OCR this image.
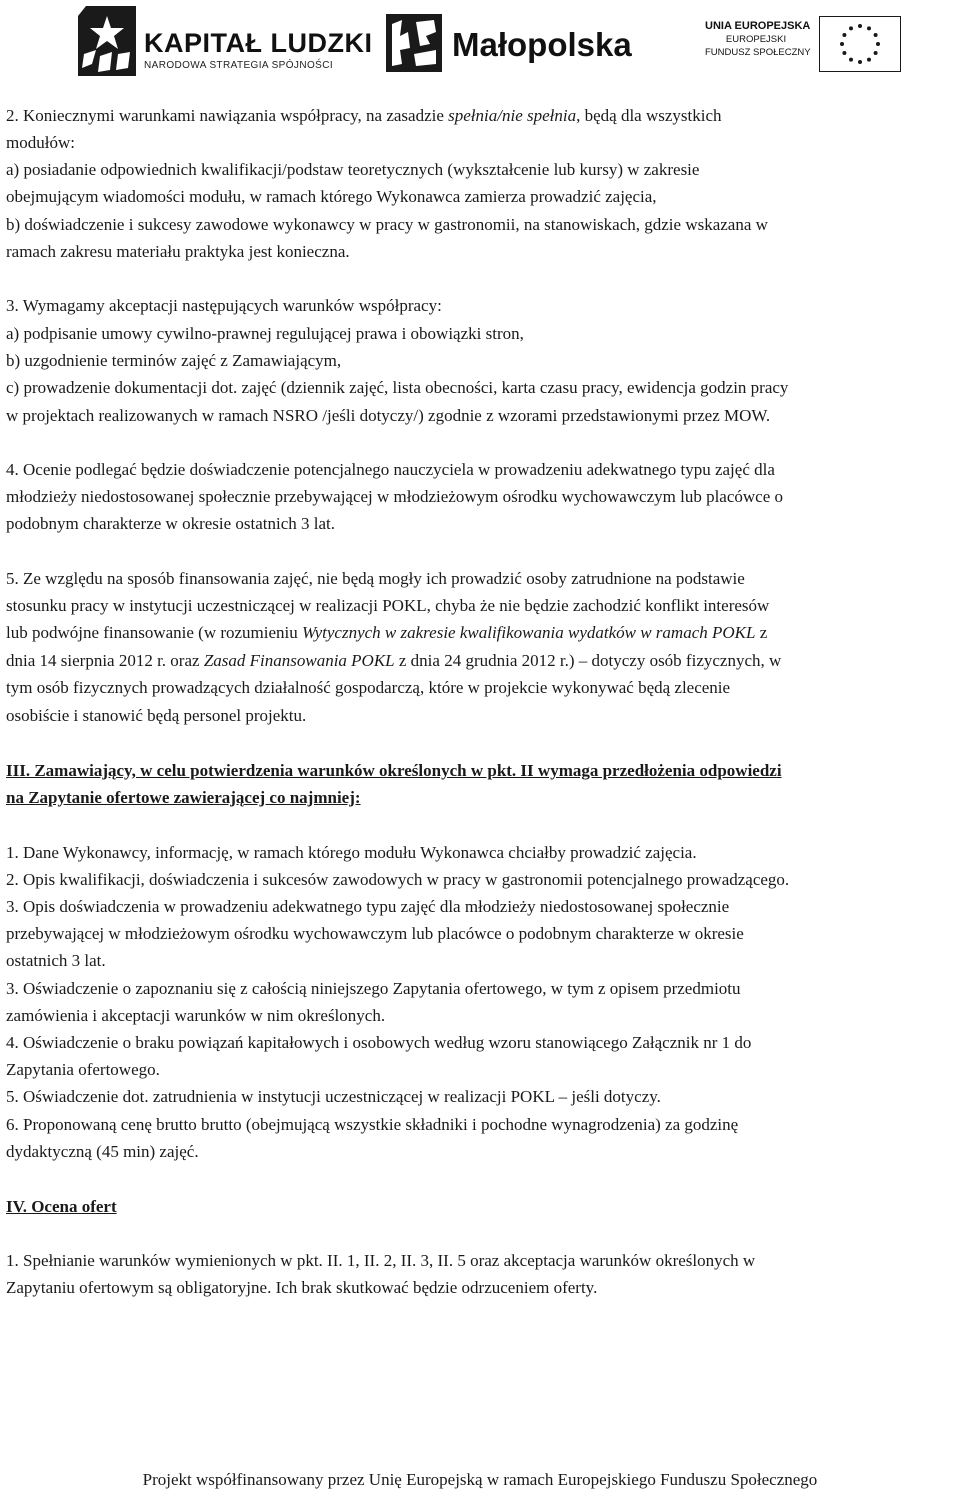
KAPITAŁ LUDZKI
NARODOWA STRATEGIA SPÓJNOŚCI
Małopolska	UNIA EUROPEJSKA
EUROPEJSKI
FUNDUSZ SPOŁECZNY

2. Koniecznymi warunkami nawiązania współpracy, na zasadzie spełnia/nie spełnia, będą dla wszystkich

modułów:

a) posiadanie odpowiednich kwalifikacji/podstaw teoretycznych (wykształcenie lub kursy) w zakresie

obejmującym wiadomości modułu, w ramach którego Wykonawca zamierza prowadzić zajęcia,

b) doświadczenie i sukcesy zawodowe wykonawcy w pracy w gastronomii, na stanowiskach, gdzie wskazana w

ramach zakresu materiału praktyka jest konieczna.

3. Wymagamy akceptacji następujących warunków współpracy:

a) podpisanie umowy cywilno-prawnej regulującej prawa i obowiązki stron,

b) uzgodnienie terminów zajęć z Zamawiającym,

c) prowadzenie dokumentacji dot. zajęć (dziennik zajęć, lista obecności, karta czasu pracy, ewidencja godzin pracy

w projektach realizowanych w ramach NSRO /jeśli dotyczy/) zgodnie z wzorami przedstawionymi przez MOW.

4. Ocenie podlegać będzie doświadczenie potencjalnego nauczyciela w prowadzeniu adekwatnego typu zajęć dla

młodzieży niedostosowanej społecznie przebywającej w młodzieżowym ośrodku wychowawczym lub placówce o

podobnym charakterze w okresie ostatnich 3 lat.

5. Ze względu na sposób finansowania zajęć, nie będą mogły ich prowadzić osoby zatrudnione na podstawie

stosunku pracy w instytucji uczestniczącej w realizacji POKL, chyba że nie będzie zachodzić konflikt interesów

lub podwójne finansowanie (w rozumieniu Wytycznych w zakresie kwalifikowania wydatków w ramach POKL z

dnia 14 sierpnia 2012 r. oraz Zasad Finansowania POKL z dnia 24 grudnia 2012 r.) – dotyczy osób fizycznych, w

tym osób fizycznych prowadzących działalność gospodarczą, które w projekcie wykonywać będą zlecenie

osobiście i stanowić będą personel projektu.

III. Zamawiający, w celu potwierdzenia warunków określonych w pkt. II wymaga przedłożenia odpowiedzi

na Zapytanie ofertowe zawierającej co najmniej:

1. Dane Wykonawcy, informację, w ramach którego modułu Wykonawca chciałby prowadzić zajęcia.

2. Opis kwalifikacji, doświadczenia i sukcesów zawodowych w pracy w gastronomii potencjalnego prowadzącego.

3. Opis doświadczenia w prowadzeniu adekwatnego typu zajęć dla młodzieży niedostosowanej społecznie

przebywającej w młodzieżowym ośrodku wychowawczym lub placówce o podobnym charakterze w okresie

ostatnich 3 lat.

3. Oświadczenie o zapoznaniu się z całością niniejszego Zapytania ofertowego, w tym z opisem przedmiotu

zamówienia i akceptacji warunków w nim określonych.

4. Oświadczenie o braku powiązań kapitałowych i osobowych według wzoru stanowiącego Załącznik nr 1 do

Zapytania ofertowego.

5. Oświadczenie dot. zatrudnienia w instytucji uczestniczącej w realizacji POKL – jeśli dotyczy.

6. Proponowaną cenę brutto brutto (obejmującą wszystkie składniki i pochodne wynagrodzenia) za godzinę

dydaktyczną (45 min) zajęć.

IV. Ocena ofert

1. Spełnianie warunków wymienionych w pkt. II. 1, II. 2, II. 3, II. 5 oraz akceptacja warunków określonych w

Zapytaniu ofertowym są obligatoryjne. Ich brak skutkować będzie odrzuceniem oferty.

Projekt współfinansowany przez Unię Europejską w ramach Europejskiego Funduszu Społecznego
